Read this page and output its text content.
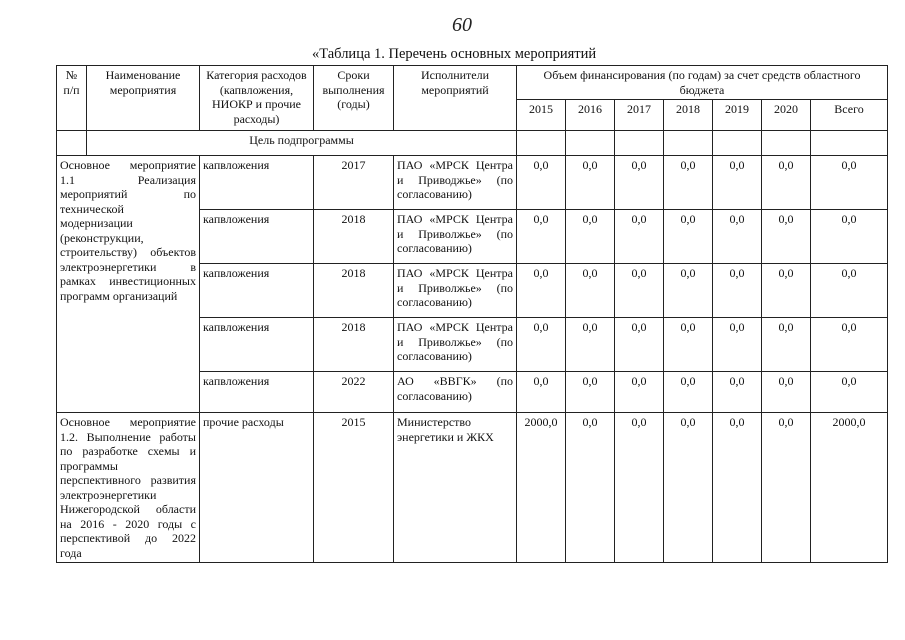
60
«Таблица 1. Перечень основных мероприятий
№ п/п	Наименование мероприятия	Категория расходов (капвложения, НИОКР и прочие расходы)	Сроки выполнения (годы)	Исполнители мероприятий	Объем финансирования (по годам) за счет средств областного бюджета						
					2015	2016	2017	2018	2019	2020	Всего
	Цель подпрограммы										
Основное мероприятие 1.1 Реализация мероприятий по технической модернизации (реконструкции, строительству) объектов электроэнергетики в рамках инвестиционных программ организаций		капвложения	2017	ПАО «МРСК Центра и Приводжье» (по согласованию)	0,0	0,0	0,0	0,0	0,0	0,0	0,0
		капвложения	2018	ПАО «МРСК Центра и Приволжье» (по согласованию)	0,0	0,0	0,0	0,0	0,0	0,0	0,0
		капвложения	2018	ПАО «МРСК Центра и Приволжье» (по согласованию)	0,0	0,0	0,0	0,0	0,0	0,0	0,0
		капвложения	2018	ПАО «МРСК Центра и Приволжье» (по согласованию)	0,0	0,0	0,0	0,0	0,0	0,0	0,0
		капвложения	2022	АО «ВВГК» (по согласованию)	0,0	0,0	0,0	0,0	0,0	0,0	0,0
Основное мероприятие 1.2. Выполнение работы по разработке схемы и программы перспективного развития электроэнергетики Нижегородской области на 2016 - 2020 годы с перспективой до 2022 года		прочие расходы	2015	Министерство энергетики и ЖКХ	2000,0	0,0	0,0	0,0	0,0	0,0	2000,0
